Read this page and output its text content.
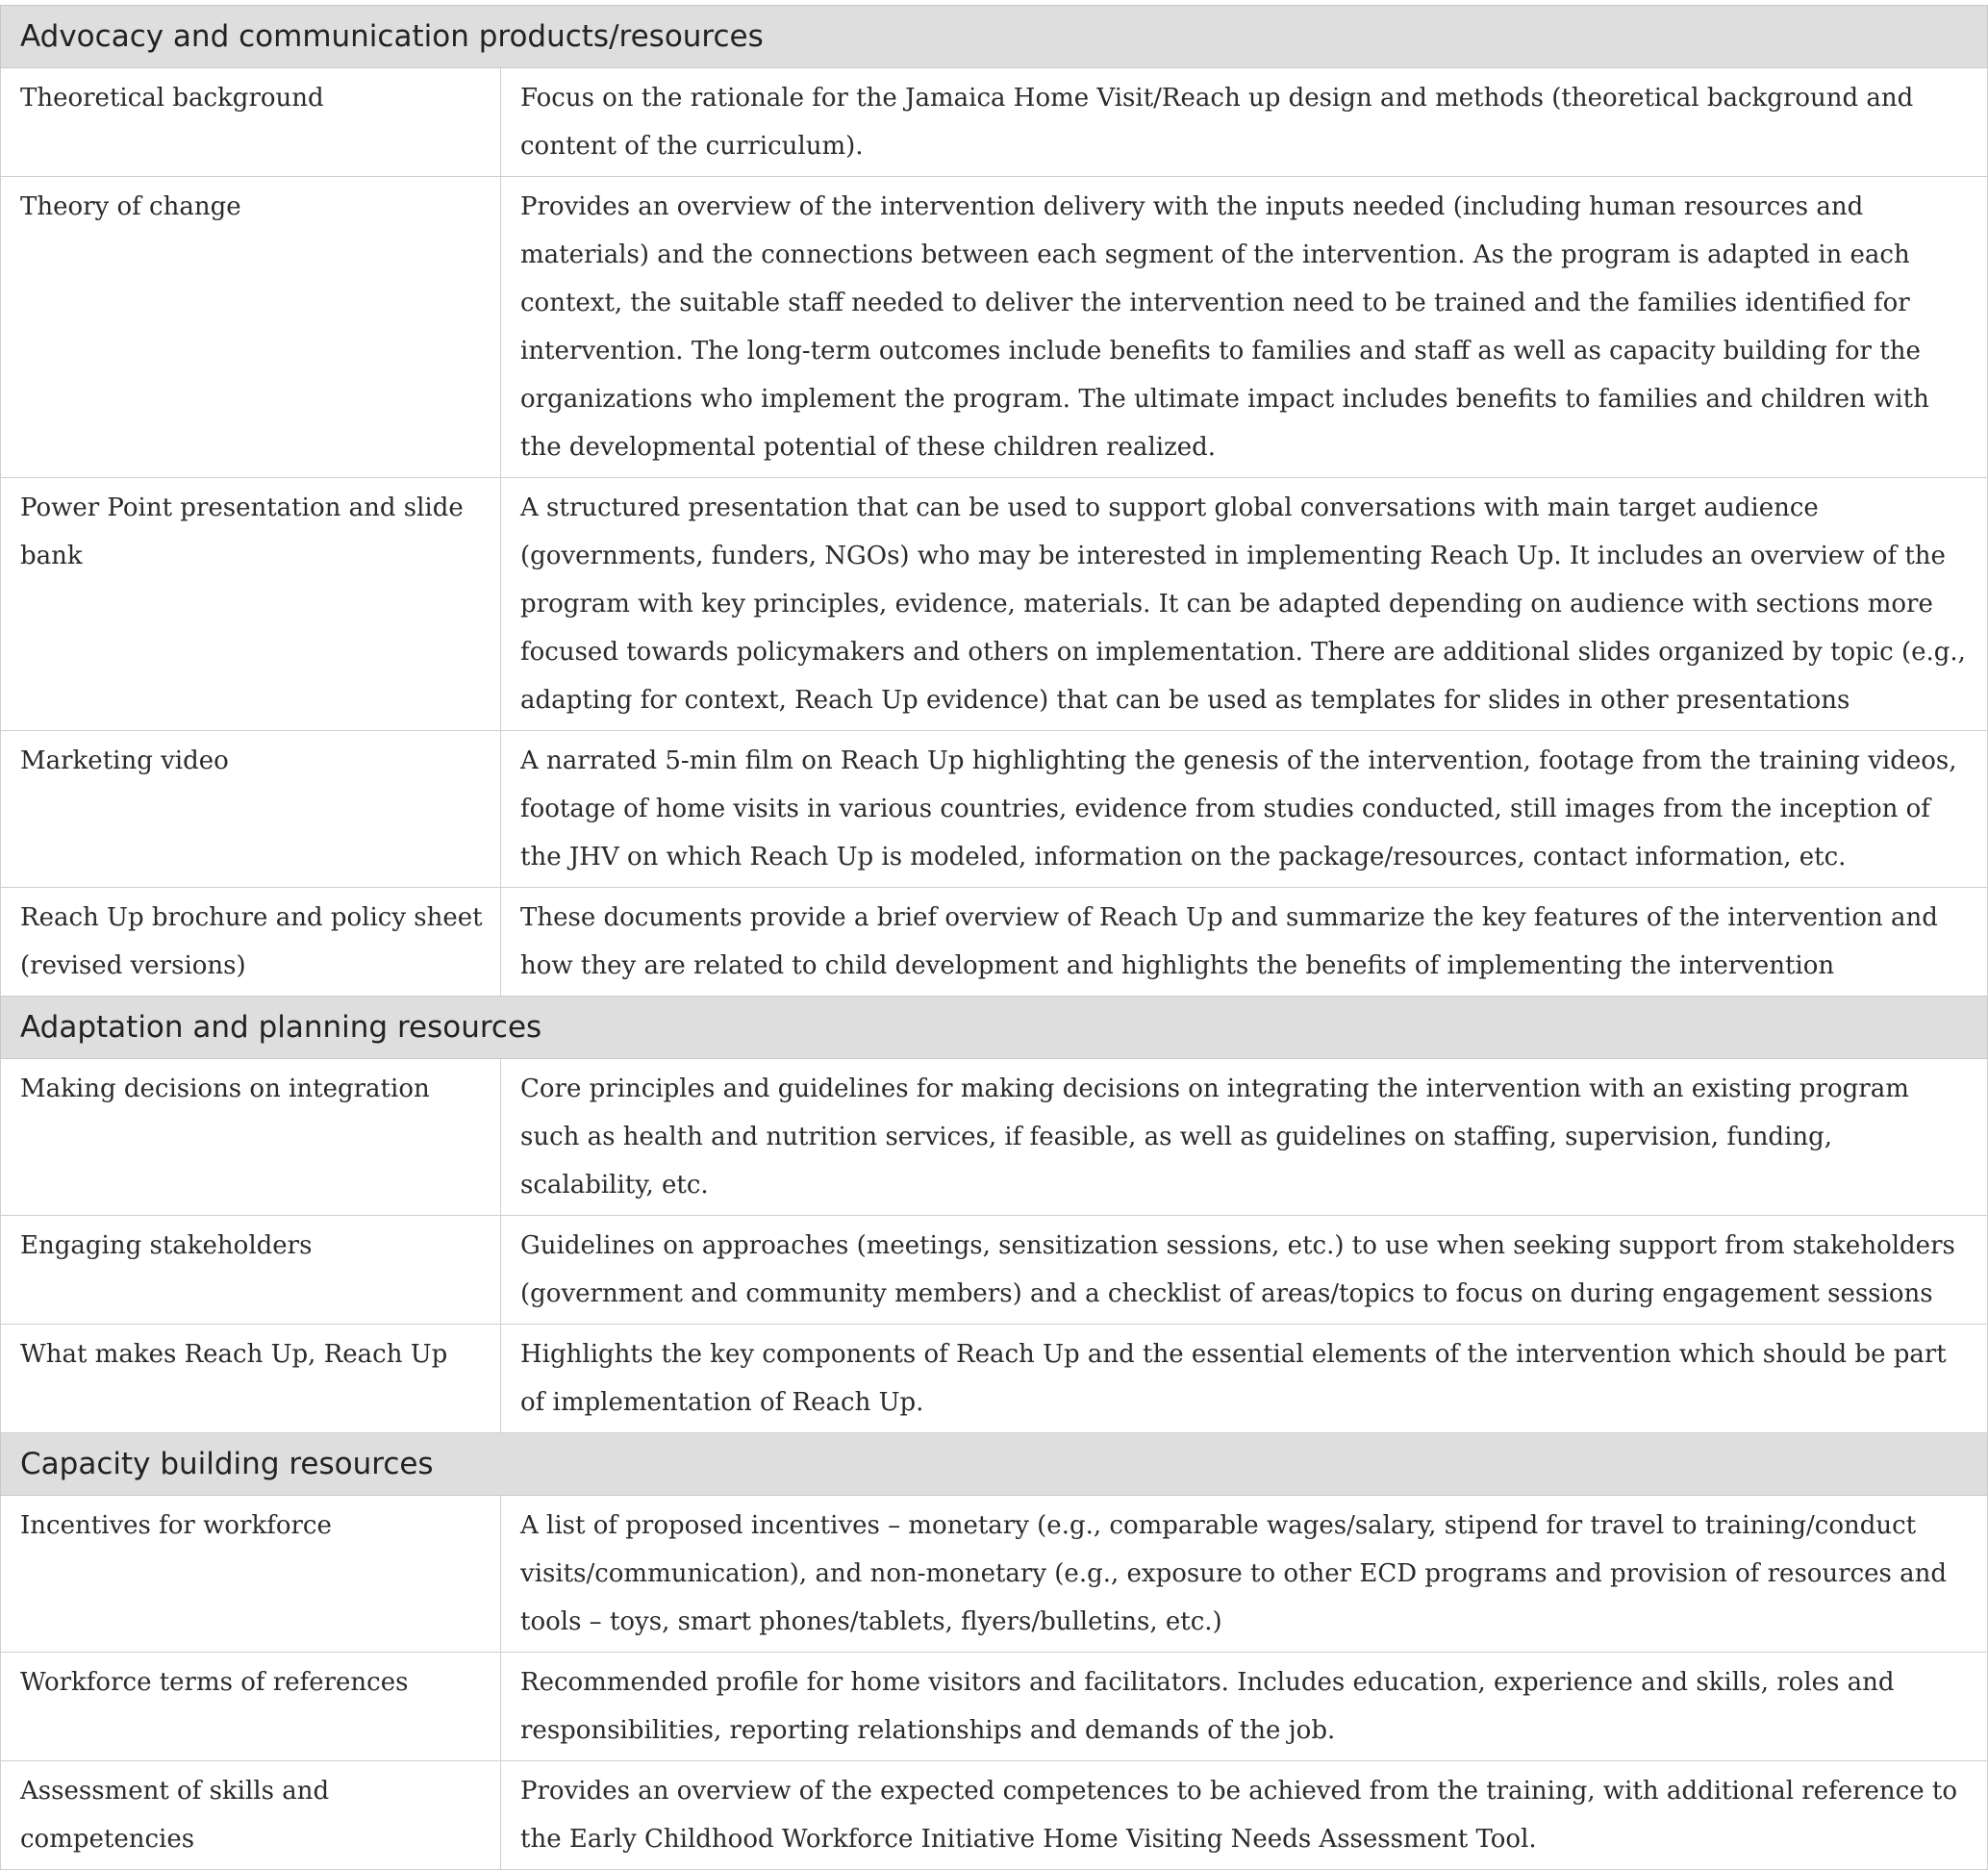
Advocacy and communication products/resources	
Theoretical background	Focus on the rationale for the Jamaica Home Visit/Reach up design and methods (theoretical background and content of the curriculum).
Theory of change	Provides an overview of the intervention delivery with the inputs needed (including human resources and materials) and the connections between each segment of the intervention. As the program is adapted in each context, the suitable staff needed to deliver the intervention need to be trained and the families identified for intervention. The long-term outcomes include benefits to families and staff as well as capacity building for the organizations who implement the program. The ultimate impact includes benefits to families and children with the developmental potential of these children realized.
Power Point presentation and slide bank	A structured presentation that can be used to support global conversations with main target audience (governments, funders, NGOs) who may be interested in implementing Reach Up. It includes an overview of the program with key principles, evidence, materials. It can be adapted depending on audience with sections more focused towards policymakers and others on implementation. There are additional slides organized by topic (e.g., adapting for context, Reach Up evidence) that can be used as templates for slides in other presentations
Marketing video	A narrated 5-min film on Reach Up highlighting the genesis of the intervention, footage from the training videos, footage of home visits in various countries, evidence from studies conducted, still images from the inception of the JHV on which Reach Up is modeled, information on the package/resources, contact information, etc.
Reach Up brochure and policy sheet (revised versions)	These documents provide a brief overview of Reach Up and summarize the key features of the intervention and how they are related to child development and highlights the benefits of implementing the intervention
Adaptation and planning resources	
Making decisions on integration	Core principles and guidelines for making decisions on integrating the intervention with an existing program such as health and nutrition services, if feasible, as well as guidelines on staffing, supervision, funding, scalability, etc.
Engaging stakeholders	Guidelines on approaches (meetings, sensitization sessions, etc.) to use when seeking support from stakeholders (government and community members) and a checklist of areas/topics to focus on during engagement sessions
What makes Reach Up, Reach Up	Highlights the key components of Reach Up and the essential elements of the intervention which should be part of implementation of Reach Up.
Capacity building resources	
Incentives for workforce	A list of proposed incentives – monetary (e.g., comparable wages/salary, stipend for travel to training/conduct visits/communication), and non-monetary (e.g., exposure to other ECD programs and provision of resources and tools – toys, smart phones/tablets, flyers/bulletins, etc.)
Workforce terms of references	Recommended profile for home visitors and facilitators. Includes education, experience and skills, roles and responsibilities, reporting relationships and demands of the job.
Assessment of skills and competencies	Provides an overview of the expected competences to be achieved from the training, with additional reference to the Early Childhood Workforce Initiative Home Visiting Needs Assessment Tool.
